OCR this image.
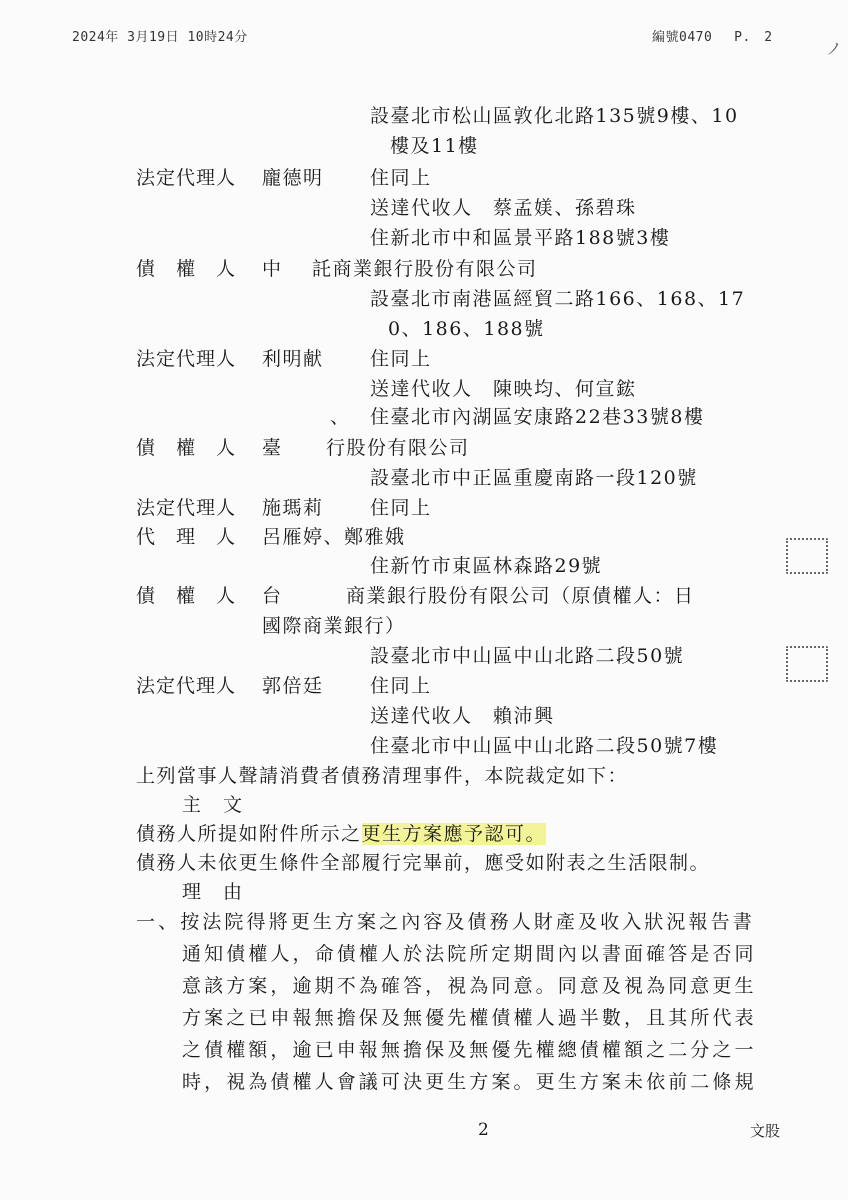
2024年 3月19日 10時24分	編號0470　 P.　2
ノ
設臺北市松山區敦化北路135號9樓、10
樓及11樓
法定代理人 龐德明 住同上
送達代收人　蔡孟媄、孫碧珠
住新北市中和區景平路188號3樓
債　權　人 中 託商業銀行股份有限公司
設臺北市南港區經貿二路166、168、17
0、186、188號
法定代理人 利明献 住同上
送達代收人　陳映均、何宣鋐
、 住臺北市內湖區安康路22巷33號8樓
債　權　人 臺 行股份有限公司
設臺北市中正區重慶南路一段120號
法定代理人 施瑪莉 住同上
代　理　人 呂雁婷、鄭雅娥
住新竹市東區林森路29號
債　權　人 台	商業銀行股份有限公司（原債權人：日
國際商業銀行）
設臺北市中山區中山北路二段50號
法定代理人 郭倍廷 住同上
送達代收人　賴沛興
住臺北市中山區中山北路二段50號7樓
上列當事人聲請消費者債務清理事件，本院裁定如下：
主　文
債務人所提如附件所示之更生方案應予認可。
債務人未依更生條件全部履行完畢前，應受如附表之生活限制。
理　由
一、按法院得將更生方案之內容及債務人財產及收入狀況報告書
通知債權人，命債權人於法院所定期間內以書面確答是否同
意該方案，逾期不為確答，視為同意。同意及視為同意更生
方案之已申報無擔保及無優先權債權人過半數，且其所代表
之債權額，逾已申報無擔保及無優先權總債權額之二分之一
時，視為債權人會議可決更生方案。更生方案未依前二條規
2	文股
